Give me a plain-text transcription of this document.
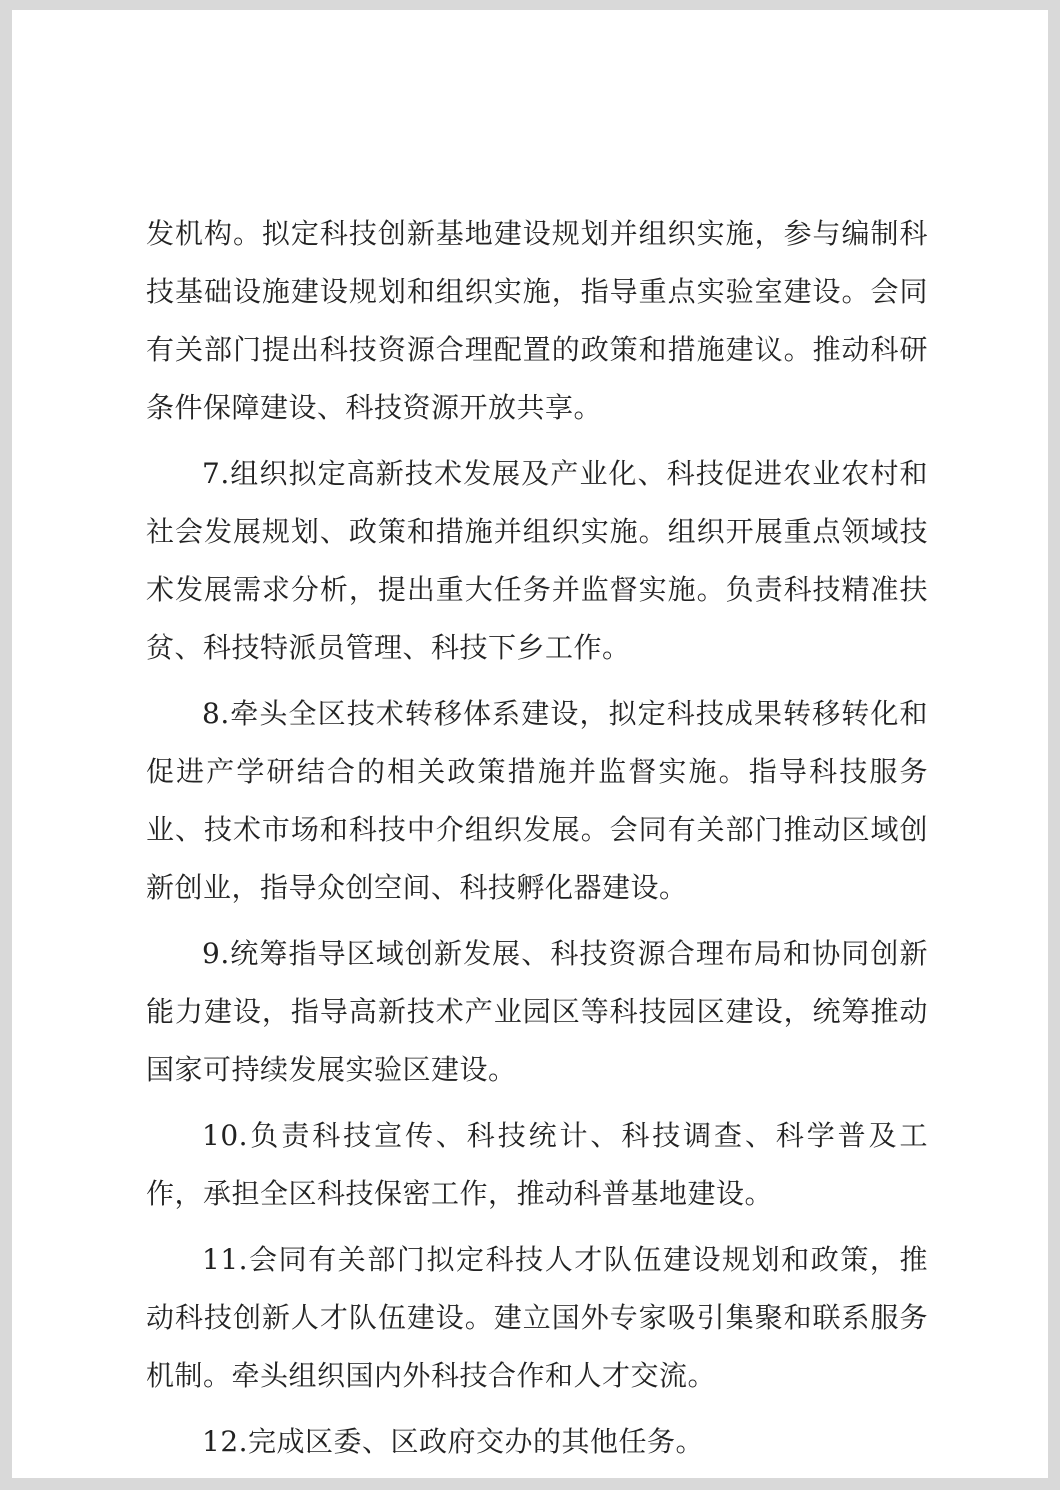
发机构。拟定科技创新基地建设规划并组织实施，参与编制科技基础设施建设规划和组织实施，指导重点实验室建设。会同有关部门提出科技资源合理配置的政策和措施建议。推动科研条件保障建设、科技资源开放共享。

7.组织拟定高新技术发展及产业化、科技促进农业农村和社会发展规划、政策和措施并组织实施。组织开展重点领域技术发展需求分析，提出重大任务并监督实施。负责科技精准扶贫、科技特派员管理、科技下乡工作。

8.牵头全区技术转移体系建设，拟定科技成果转移转化和促进产学研结合的相关政策措施并监督实施。指导科技服务业、技术市场和科技中介组织发展。会同有关部门推动区域创新创业，指导众创空间、科技孵化器建设。

9.统筹指导区域创新发展、科技资源合理布局和协同创新能力建设，指导高新技术产业园区等科技园区建设，统筹推动国家可持续发展实验区建设。

10.负责科技宣传、科技统计、科技调查、科学普及工作，承担全区科技保密工作，推动科普基地建设。

11.会同有关部门拟定科技人才队伍建设规划和政策，推动科技创新人才队伍建设。建立国外专家吸引集聚和联系服务机制。牵头组织国内外科技合作和人才交流。

12.完成区委、区政府交办的其他任务。
